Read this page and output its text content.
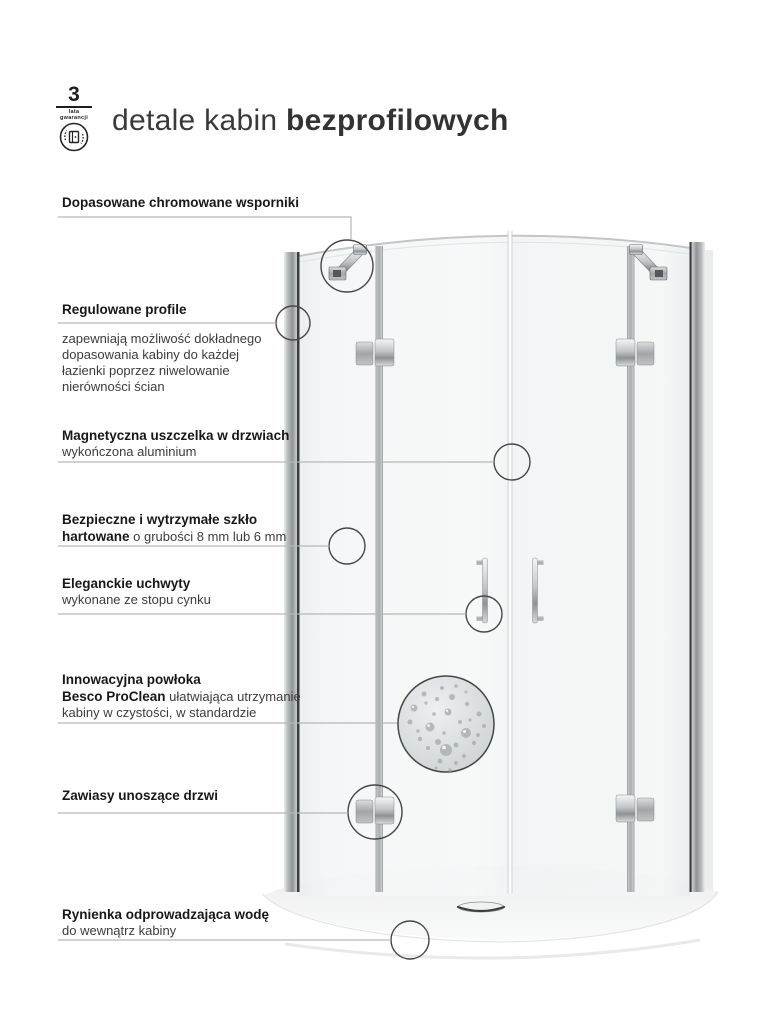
3
lata gwarancji detale kabin bezprofilowych
Dopasowane chromowane wsporniki
Regulowane profile
zapewniają możliwość dokładnego dopasowania kabiny do każdej łazienki poprzez niwelowanie nierówności ścian
Magnetyczna uszczelka w drzwiach
wykończona aluminium
Bezpieczne i wytrzymałe szkło hartowane o grubości 8 mm lub 6 mm
Eleganckie uchwyty
wykonane ze stopu cynku
Innowacyjna powłoka
Besco ProClean ułatwiająca utrzymanie kabiny w czystości, w standardzie
Zawiasy unoszące drzwi
Rynienka odprowadzająca wodę
do wewnątrz kabiny
